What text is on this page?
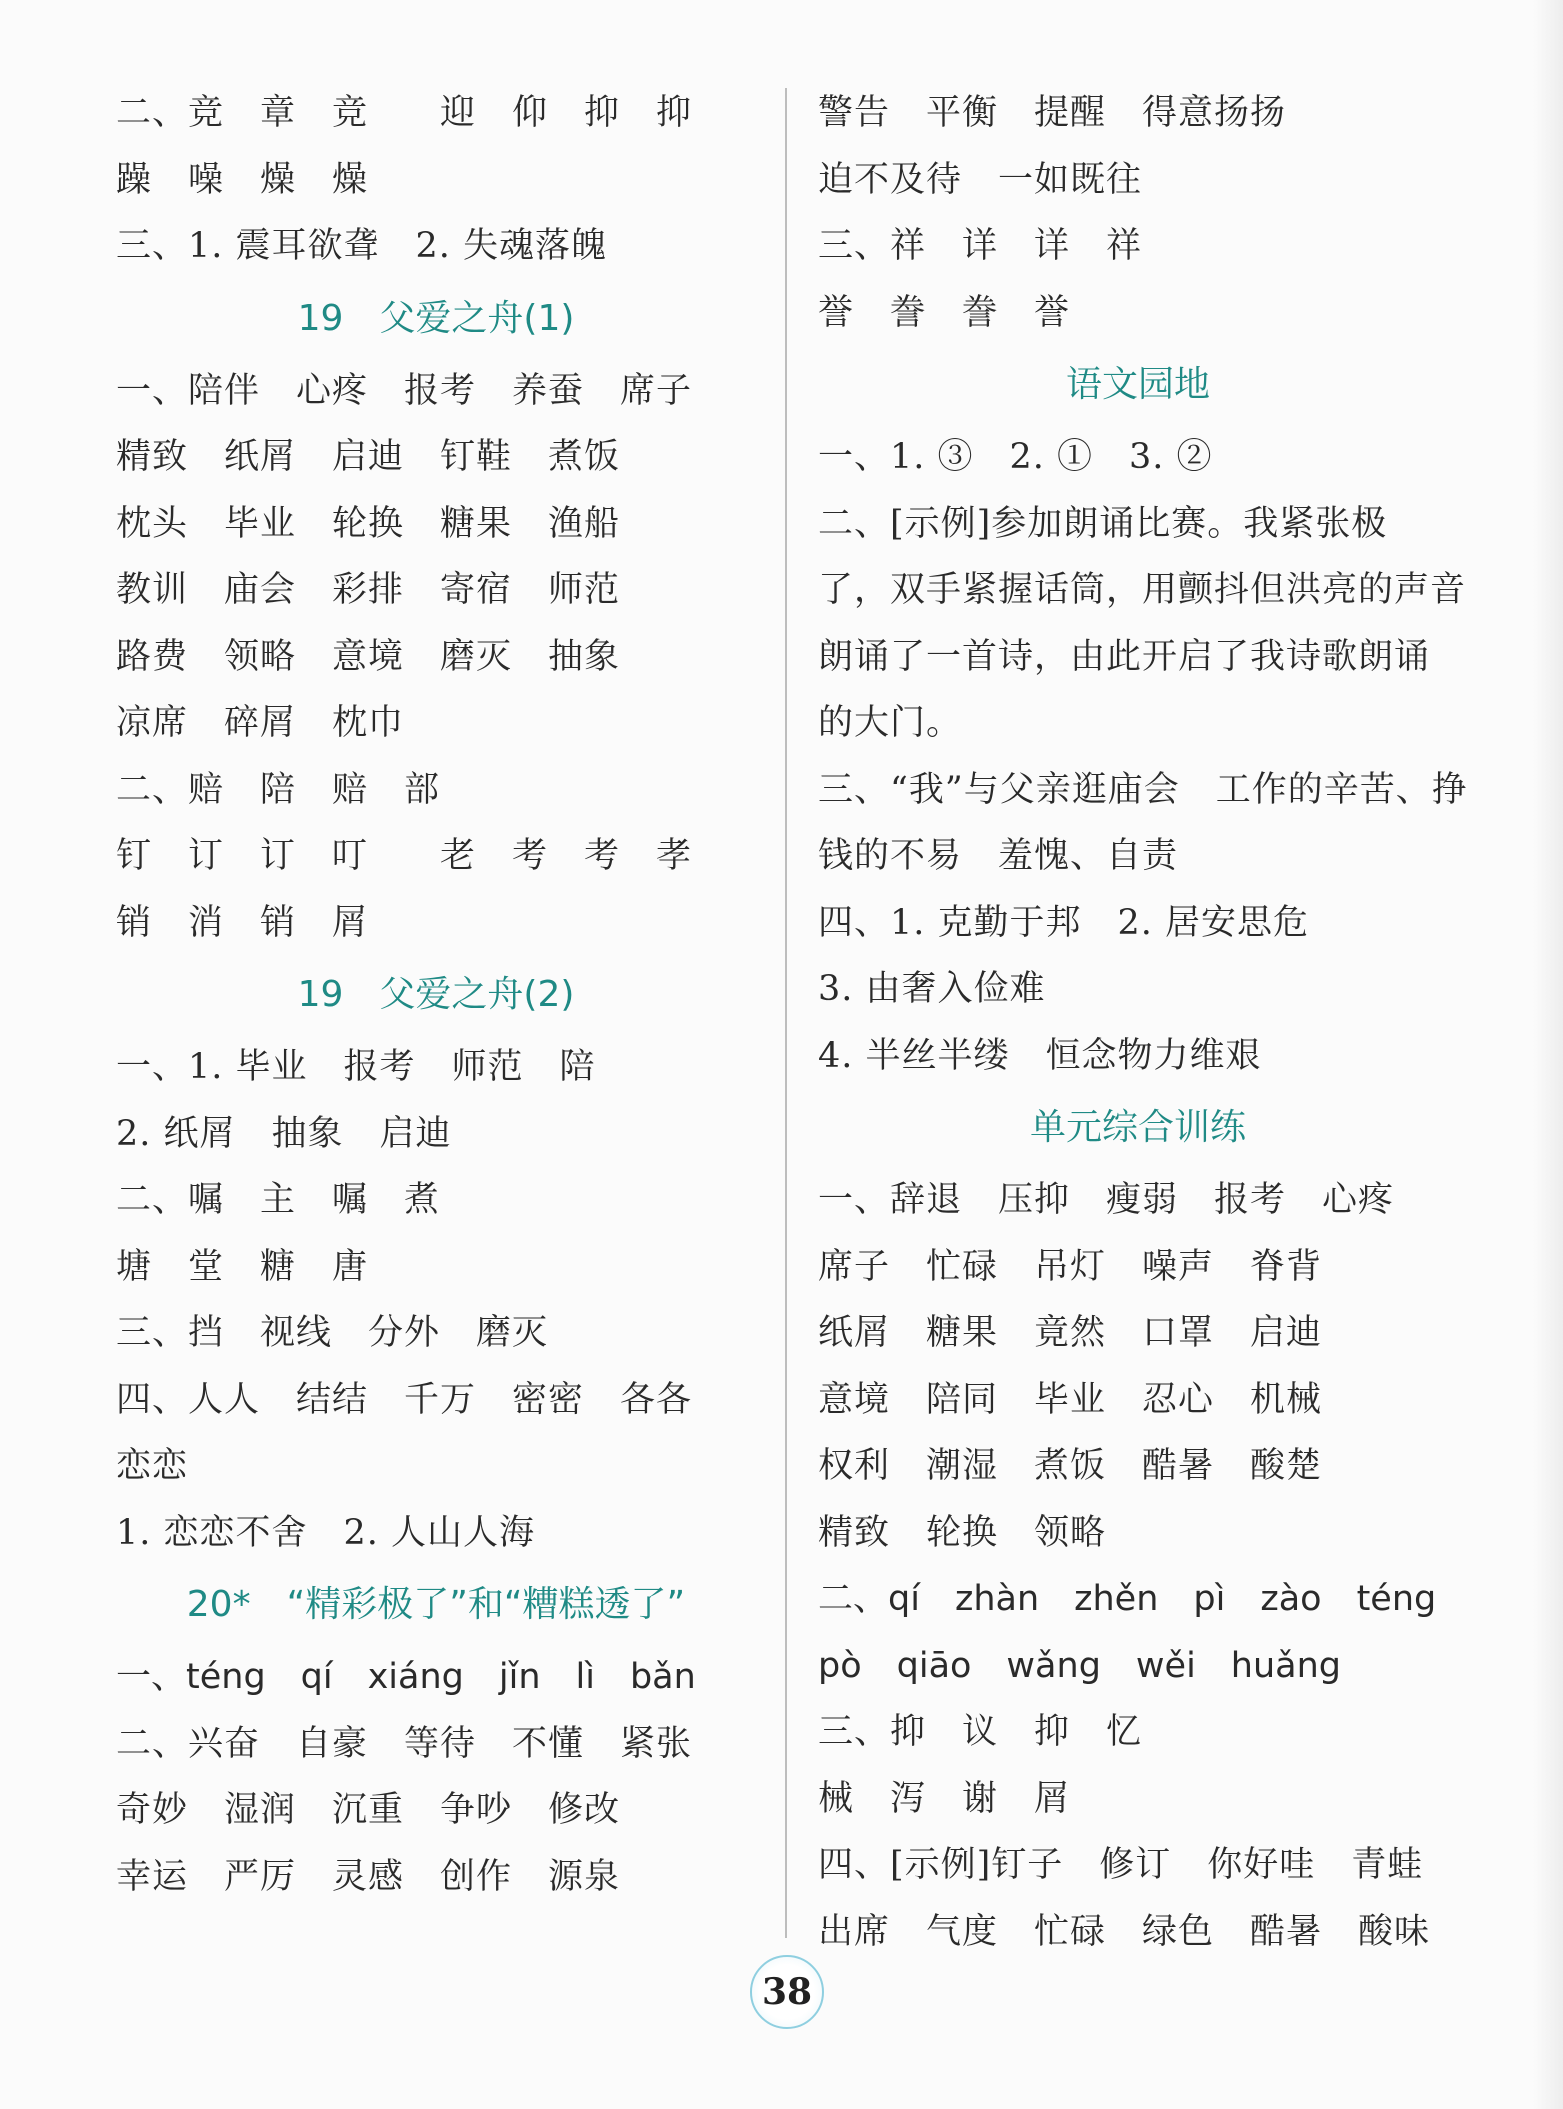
二、竞　章　竞　　迎　仰　抑　抑
躁　噪　燥　燥
三、1. 震耳欲聋　2. 失魂落魄
19　父爱之舟(1)
一、陪伴　心疼　报考　养蚕　席子
精致　纸屑　启迪　钉鞋　煮饭
枕头　毕业　轮换　糖果　渔船
教训　庙会　彩排　寄宿　师范
路费　领略　意境　磨灭　抽象
凉席　碎屑　枕巾
二、赔　陪　赔　部
钉　订　订　叮　　老　考　考　孝
销　消　销　屑
19　父爱之舟(2)
一、1. 毕业　报考　师范　陪
2. 纸屑　抽象　启迪
二、嘱　主　嘱　煮
塘　堂　糖　唐
三、挡　视线　分外　磨灭
四、人人　结结　千万　密密　各各
恋恋
1. 恋恋不舍　2. 人山人海
20*　“精彩极了”和“糟糕透了”
一、téng　qí　xiáng　jǐn　lì　bǎn
二、兴奋　自豪　等待　不懂　紧张
奇妙　湿润　沉重　争吵　修改
幸运　严厉　灵感　创作　源泉
警告　平衡　提醒　得意扬扬
迫不及待　一如既往
三、祥　详　详　祥
誉　誊　誊　誉
语文园地
一、1. ③　2. ①　3. ②
二、[示例]参加朗诵比赛。我紧张极
了，双手紧握话筒，用颤抖但洪亮的声音
朗诵了一首诗，由此开启了我诗歌朗诵
的大门。
三、“我”与父亲逛庙会　工作的辛苦、挣
钱的不易　羞愧、自责
四、1. 克勤于邦　2. 居安思危
3. 由奢入俭难
4. 半丝半缕　恒念物力维艰
单元综合训练
一、辞退　压抑　瘦弱　报考　心疼
席子　忙碌　吊灯　噪声　脊背
纸屑　糖果　竟然　口罩　启迪
意境　陪同　毕业　忍心　机械
权利　潮湿　煮饭　酷暑　酸楚
精致　轮换　领略
二、qí　zhàn　zhěn　pì　zào　téng
pò　qiāo　wǎng　wěi　huǎng
三、抑　议　抑　忆
械　泻　谢　屑
四、[示例]钉子　修订　你好哇　青蛙
出席　气度　忙碌　绿色　酷暑　酸味
38
